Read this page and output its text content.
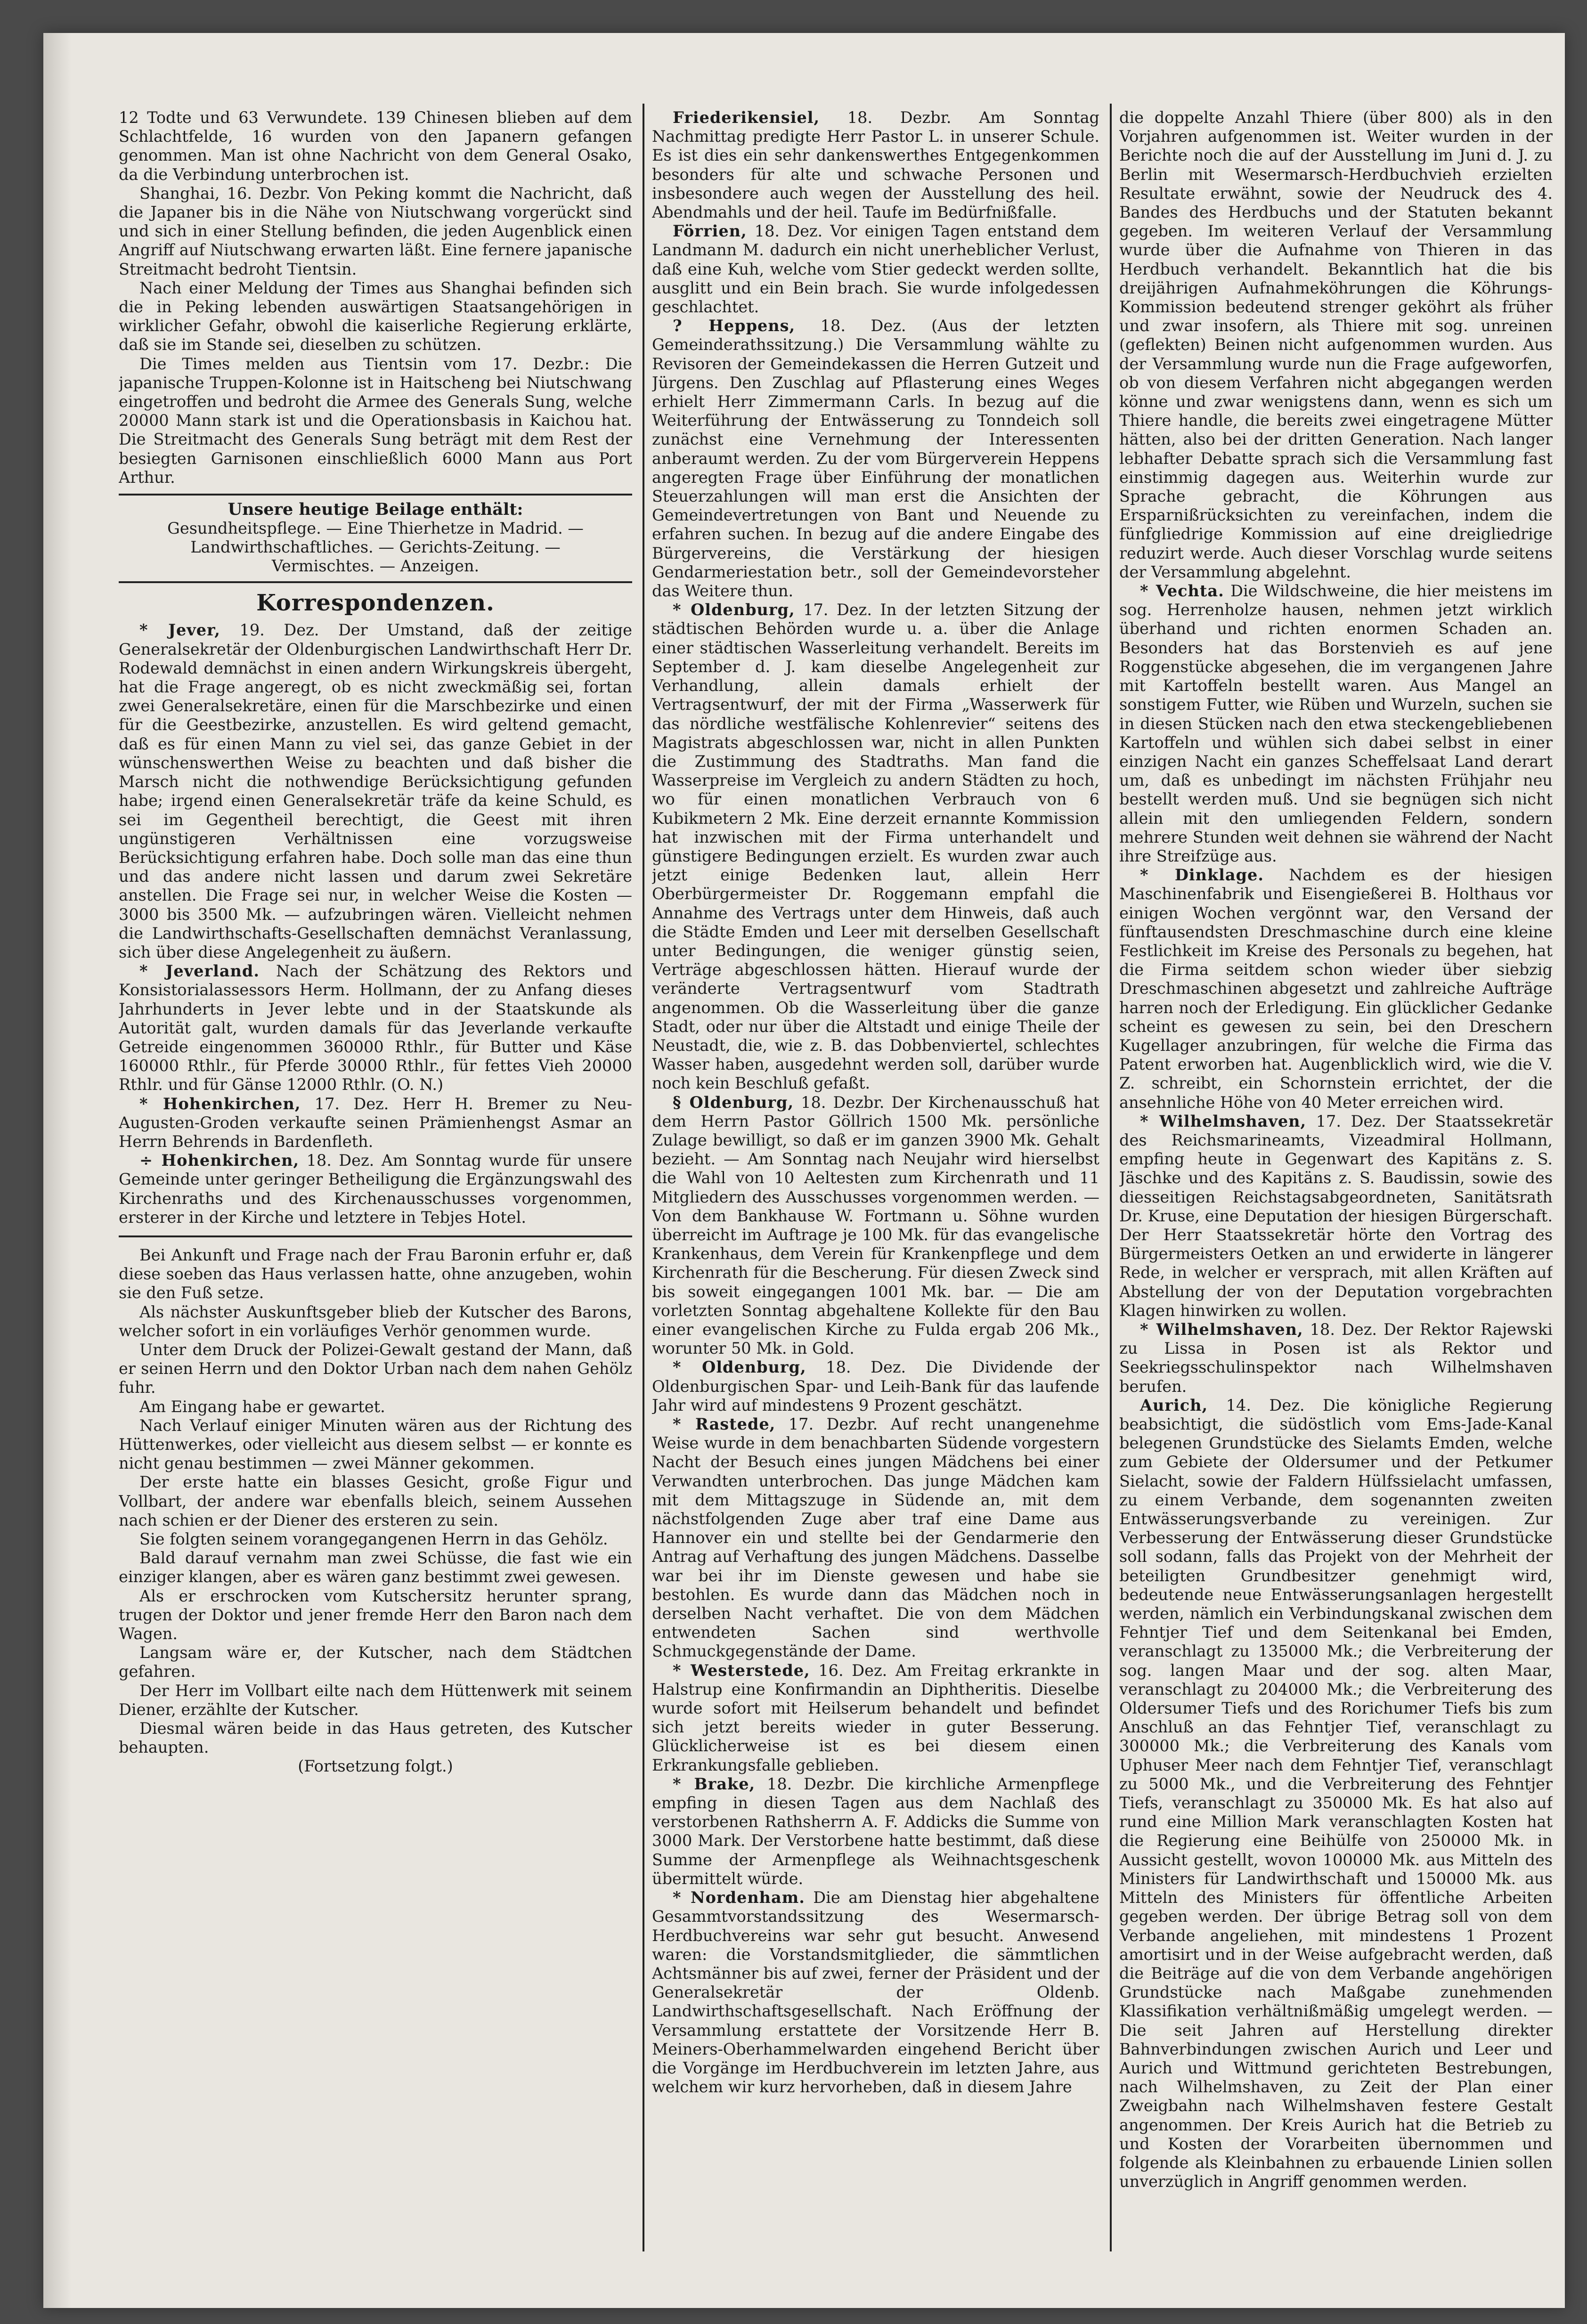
12 Todte und 63 Verwundete. 139 Chinesen blieben auf dem Schlachtfelde, 16 wurden von den Japanern gefangen genommen. Man ist ohne Nachricht von dem General Osako, da die Verbindung unterbrochen ist.

Shanghai, 16. Dezbr. Von Peking kommt die Nachricht, daß die Japaner bis in die Nähe von Niutschwang vorgerückt sind und sich in einer Stellung befinden, die jeden Augenblick einen Angriff auf Niutschwang erwarten läßt. Eine fernere japanische Streitmacht bedroht Tientsin.

Nach einer Meldung der Times aus Shanghai befinden sich die in Peking lebenden auswärtigen Staatsangehörigen in wirklicher Gefahr, obwohl die kaiserliche Regierung erklärte, daß sie im Stande sei, dieselben zu schützen.

Die Times melden aus Tientsin vom 17. Dezbr.: Die japanische Truppen-Kolonne ist in Haitscheng bei Niutschwang eingetroffen und bedroht die Armee des Generals Sung, welche 20000 Mann stark ist und die Operationsbasis in Kaichou hat. Die Streitmacht des Generals Sung beträgt mit dem Rest der besiegten Garnisonen einschließlich 6000 Mann aus Port Arthur.

Unsere heutige Beilage enthält:
Gesundheitspflege. — Eine Thierhetze in Madrid. —
Landwirthschaftliches. — Gerichts-Zeitung. —
Vermischtes. — Anzeigen.
Korrespondenzen.

* Jever, 19. Dez. Der Umstand, daß der zeitige Generalsekretär der Oldenburgischen Landwirthschaft Herr Dr. Rodewald demnächst in einen andern Wirkungskreis übergeht, hat die Frage angeregt, ob es nicht zweckmäßig sei, fortan zwei Generalsekretäre, einen für die Marschbezirke und einen für die Geestbezirke, anzustellen. Es wird geltend gemacht, daß es für einen Mann zu viel sei, das ganze Gebiet in der wünschenswerthen Weise zu beachten und daß bisher die Marsch nicht die nothwendige Berücksichtigung gefunden habe; irgend einen Generalsekretär träfe da keine Schuld, es sei im Gegentheil berechtigt, die Geest mit ihren ungünstigeren Verhältnissen eine vorzugsweise Berücksichtigung erfahren habe. Doch solle man das eine thun und das andere nicht lassen und darum zwei Sekretäre anstellen. Die Frage sei nur, in welcher Weise die Kosten — 3000 bis 3500 Mk. — aufzubringen wären. Vielleicht nehmen die Landwirthschafts-Gesellschaften demnächst Veranlassung, sich über diese Angelegenheit zu äußern.

* Jeverland. Nach der Schätzung des Rektors und Konsistorialassessors Herm. Hollmann, der zu Anfang dieses Jahrhunderts in Jever lebte und in der Staatskunde als Autorität galt, wurden damals für das Jeverlande verkaufte Getreide eingenommen 360000 Rthlr., für Butter und Käse 160000 Rthlr., für Pferde 30000 Rthlr., für fettes Vieh 20000 Rthlr. und für Gänse 12000 Rthlr. (O. N.)

* Hohenkirchen, 17. Dez. Herr H. Bremer zu Neu-Augusten-Groden verkaufte seinen Prämienhengst Asmar an Herrn Behrends in Bardenfleth.

÷ Hohenkirchen, 18. Dez. Am Sonntag wurde für unsere Gemeinde unter geringer Betheiligung die Ergänzungswahl des Kirchenraths und des Kirchenausschusses vorgenommen, ersterer in der Kirche und letztere in Tebjes Hotel.

Bei Ankunft und Frage nach der Frau Baronin erfuhr er, daß diese soeben das Haus verlassen hatte, ohne anzugeben, wohin sie den Fuß setze.

Als nächster Auskunftsgeber blieb der Kutscher des Barons, welcher sofort in ein vorläufiges Verhör genommen wurde.

Unter dem Druck der Polizei-Gewalt gestand der Mann, daß er seinen Herrn und den Doktor Urban nach dem nahen Gehölz fuhr.

Am Eingang habe er gewartet.

Nach Verlauf einiger Minuten wären aus der Richtung des Hüttenwerkes, oder vielleicht aus diesem selbst — er konnte es nicht genau bestimmen — zwei Männer gekommen.

Der erste hatte ein blasses Gesicht, große Figur und Vollbart, der andere war ebenfalls bleich, seinem Aussehen nach schien er der Diener des ersteren zu sein.

Sie folgten seinem vorangegangenen Herrn in das Gehölz.

Bald darauf vernahm man zwei Schüsse, die fast wie ein einziger klangen, aber es wären ganz bestimmt zwei gewesen.

Als er erschrocken vom Kutschersitz herunter sprang, trugen der Doktor und jener fremde Herr den Baron nach dem Wagen.

Langsam wäre er, der Kutscher, nach dem Städtchen gefahren.

Der Herr im Vollbart eilte nach dem Hüttenwerk mit seinem Diener, erzählte der Kutscher.

Diesmal wären beide in das Haus getreten, des Kutscher behaupten.

(Fortsetzung folgt.)

Friederikensiel, 18. Dezbr. Am Sonntag Nachmittag predigte Herr Pastor L. in unserer Schule. Es ist dies ein sehr dankenswerthes Entgegenkommen besonders für alte und schwache Personen und insbesondere auch wegen der Ausstellung des heil. Abendmahls und der heil. Taufe im Bedürfnißfalle.

Förrien, 18. Dez. Vor einigen Tagen entstand dem Landmann M. dadurch ein nicht unerheblicher Verlust, daß eine Kuh, welche vom Stier gedeckt werden sollte, ausglitt und ein Bein brach. Sie wurde infolgedessen geschlachtet.

? Heppens, 18. Dez. (Aus der letzten Gemeinderathssitzung.) Die Versammlung wählte zu Revisoren der Gemeindekassen die Herren Gutzeit und Jürgens. Den Zuschlag auf Pflasterung eines Weges erhielt Herr Zimmermann Carls. In bezug auf die Weiterführung der Entwässerung zu Tonndeich soll zunächst eine Vernehmung der Interessenten anberaumt werden. Zu der vom Bürgerverein Heppens angeregten Frage über Einführung der monatlichen Steuerzahlungen will man erst die Ansichten der Gemeindevertretungen von Bant und Neuende zu erfahren suchen. In bezug auf die andere Eingabe des Bürgervereins, die Verstärkung der hiesigen Gendarmeriestation betr., soll der Gemeindevorsteher das Weitere thun.

* Oldenburg, 17. Dez. In der letzten Sitzung der städtischen Behörden wurde u. a. über die Anlage einer städtischen Wasserleitung verhandelt. Bereits im September d. J. kam dieselbe Angelegenheit zur Verhandlung, allein damals erhielt der Vertragsentwurf, der mit der Firma „Wasserwerk für das nördliche westfälische Kohlenrevier“ seitens des Magistrats abgeschlossen war, nicht in allen Punkten die Zustimmung des Stadtraths. Man fand die Wasserpreise im Vergleich zu andern Städten zu hoch, wo für einen monatlichen Verbrauch von 6 Kubikmetern 2 Mk. Eine derzeit ernannte Kommission hat inzwischen mit der Firma unterhandelt und günstigere Bedingungen erzielt. Es wurden zwar auch jetzt einige Bedenken laut, allein Herr Oberbürgermeister Dr. Roggemann empfahl die Annahme des Vertrags unter dem Hinweis, daß auch die Städte Emden und Leer mit derselben Gesellschaft unter Bedingungen, die weniger günstig seien, Verträge abgeschlossen hätten. Hierauf wurde der veränderte Vertragsentwurf vom Stadtrath angenommen. Ob die Wasserleitung über die ganze Stadt, oder nur über die Altstadt und einige Theile der Neustadt, die, wie z. B. das Dobbenviertel, schlechtes Wasser haben, ausgedehnt werden soll, darüber wurde noch kein Beschluß gefaßt.

§ Oldenburg, 18. Dezbr. Der Kirchenausschuß hat dem Herrn Pastor Göllrich 1500 Mk. persönliche Zulage bewilligt, so daß er im ganzen 3900 Mk. Gehalt bezieht. — Am Sonntag nach Neujahr wird hierselbst die Wahl von 10 Aeltesten zum Kirchenrath und 11 Mitgliedern des Ausschusses vorgenommen werden. — Von dem Bankhause W. Fortmann u. Söhne wurden überreicht im Auftrage je 100 Mk. für das evangelische Krankenhaus, dem Verein für Krankenpflege und dem Kirchenrath für die Bescherung. Für diesen Zweck sind bis soweit eingegangen 1001 Mk. bar. — Die am vorletzten Sonntag abgehaltene Kollekte für den Bau einer evangelischen Kirche zu Fulda ergab 206 Mk., worunter 50 Mk. in Gold.

* Oldenburg, 18. Dez. Die Dividende der Oldenburgischen Spar- und Leih-Bank für das laufende Jahr wird auf mindestens 9 Prozent geschätzt.

* Rastede, 17. Dezbr. Auf recht unangenehme Weise wurde in dem benachbarten Südende vorgestern Nacht der Besuch eines jungen Mädchens bei einer Verwandten unterbrochen. Das junge Mädchen kam mit dem Mittagszuge in Südende an, mit dem nächstfolgenden Zuge aber traf eine Dame aus Hannover ein und stellte bei der Gendarmerie den Antrag auf Verhaftung des jungen Mädchens. Dasselbe war bei ihr im Dienste gewesen und habe sie bestohlen. Es wurde dann das Mädchen noch in derselben Nacht verhaftet. Die von dem Mädchen entwendeten Sachen sind werthvolle Schmuckgegenstände der Dame.

* Westerstede, 16. Dez. Am Freitag erkrankte in Halstrup eine Konfirmandin an Diphtheritis. Dieselbe wurde sofort mit Heilserum behandelt und befindet sich jetzt bereits wieder in guter Besserung. Glücklicherweise ist es bei diesem einen Erkrankungsfalle geblieben.

* Brake, 18. Dezbr. Die kirchliche Armenpflege empfing in diesen Tagen aus dem Nachlaß des verstorbenen Rathsherrn A. F. Addicks die Summe von 3000 Mark. Der Verstorbene hatte bestimmt, daß diese Summe der Armenpflege als Weihnachtsgeschenk übermittelt würde.

* Nordenham. Die am Dienstag hier abgehaltene Gesammtvorstandssitzung des Wesermarsch-Herdbuchvereins war sehr gut besucht. Anwesend waren: die Vorstandsmitglieder, die sämmtlichen Achtsmänner bis auf zwei, ferner der Präsident und der Generalsekretär der Oldenb. Landwirthschaftsgesellschaft. Nach Eröffnung der Versammlung erstattete der Vorsitzende Herr B. Meiners-Oberhammelwarden eingehend Bericht über die Vorgänge im Herdbuchverein im letzten Jahre, aus welchem wir kurz hervorheben, daß in diesem Jahre

die doppelte Anzahl Thiere (über 800) als in den Vorjahren aufgenommen ist. Weiter wurden in der Berichte noch die auf der Ausstellung im Juni d. J. zu Berlin mit Wesermarsch-Herdbuchvieh erzielten Resultate erwähnt, sowie der Neudruck des 4. Bandes des Herdbuchs und der Statuten bekannt gegeben. Im weiteren Verlauf der Versammlung wurde über die Aufnahme von Thieren in das Herdbuch verhandelt. Bekanntlich hat die bis dreijährigen Aufnahmeköhrungen die Köhrungs-Kommission bedeutend strenger geköhrt als früher und zwar insofern, als Thiere mit sog. unreinen (geflekten) Beinen nicht aufgenommen wurden. Aus der Versammlung wurde nun die Frage aufgeworfen, ob von diesem Verfahren nicht abgegangen werden könne und zwar wenigstens dann, wenn es sich um Thiere handle, die bereits zwei eingetragene Mütter hätten, also bei der dritten Generation. Nach langer lebhafter Debatte sprach sich die Versammlung fast einstimmig dagegen aus. Weiterhin wurde zur Sprache gebracht, die Köhrungen aus Ersparnißrücksichten zu vereinfachen, indem die fünfgliedrige Kommission auf eine dreigliedrige reduzirt werde. Auch dieser Vorschlag wurde seitens der Versammlung abgelehnt.

* Vechta. Die Wildschweine, die hier meistens im sog. Herrenholze hausen, nehmen jetzt wirklich überhand und richten enormen Schaden an. Besonders hat das Borstenvieh es auf jene Roggenstücke abgesehen, die im vergangenen Jahre mit Kartoffeln bestellt waren. Aus Mangel an sonstigem Futter, wie Rüben und Wurzeln, suchen sie in diesen Stücken nach den etwa steckengebliebenen Kartoffeln und wühlen sich dabei selbst in einer einzigen Nacht ein ganzes Scheffelsaat Land derart um, daß es unbedingt im nächsten Frühjahr neu bestellt werden muß. Und sie begnügen sich nicht allein mit den umliegenden Feldern, sondern mehrere Stunden weit dehnen sie während der Nacht ihre Streifzüge aus.

* Dinklage. Nachdem es der hiesigen Maschinenfabrik und Eisengießerei B. Holthaus vor einigen Wochen vergönnt war, den Versand der fünftausendsten Dreschmaschine durch eine kleine Festlichkeit im Kreise des Personals zu begehen, hat die Firma seitdem schon wieder über siebzig Dreschmaschinen abgesetzt und zahlreiche Aufträge harren noch der Erledigung. Ein glücklicher Gedanke scheint es gewesen zu sein, bei den Dreschern Kugellager anzubringen, für welche die Firma das Patent erworben hat. Augenblicklich wird, wie die V. Z. schreibt, ein Schornstein errichtet, der die ansehnliche Höhe von 40 Meter erreichen wird.

* Wilhelmshaven, 17. Dez. Der Staatssekretär des Reichsmarineamts, Vizeadmiral Hollmann, empfing heute in Gegenwart des Kapitäns z. S. Jäschke und des Kapitäns z. S. Baudissin, sowie des diesseitigen Reichstagsabgeordneten, Sanitätsrath Dr. Kruse, eine Deputation der hiesigen Bürgerschaft. Der Herr Staatssekretär hörte den Vortrag des Bürgermeisters Oetken an und erwiderte in längerer Rede, in welcher er versprach, mit allen Kräften auf Abstellung der von der Deputation vorgebrachten Klagen hinwirken zu wollen.

* Wilhelmshaven, 18. Dez. Der Rektor Rajewski zu Lissa in Posen ist als Rektor und Seekriegsschulinspektor nach Wilhelmshaven berufen.

Aurich, 14. Dez. Die königliche Regierung beabsichtigt, die südöstlich vom Ems-Jade-Kanal belegenen Grundstücke des Sielamts Emden, welche zum Gebiete der Oldersumer und der Petkumer Sielacht, sowie der Faldern Hülfssielacht umfassen, zu einem Verbande, dem sogenannten zweiten Entwässerungsverbande zu vereinigen. Zur Verbesserung der Entwässerung dieser Grundstücke soll sodann, falls das Projekt von der Mehrheit der beteiligten Grundbesitzer genehmigt wird, bedeutende neue Entwässerungsanlagen hergestellt werden, nämlich ein Verbindungskanal zwischen dem Fehntjer Tief und dem Seitenkanal bei Emden, veranschlagt zu 135000 Mk.; die Verbreiterung der sog. langen Maar und der sog. alten Maar, veranschlagt zu 204000 Mk.; die Verbreiterung des Oldersumer Tiefs und des Rorichumer Tiefs bis zum Anschluß an das Fehntjer Tief, veranschlagt zu 300000 Mk.; die Verbreiterung des Kanals vom Uphuser Meer nach dem Fehntjer Tief, veranschlagt zu 5000 Mk., und die Verbreiterung des Fehntjer Tiefs, veranschlagt zu 350000 Mk. Es hat also auf rund eine Million Mark veranschlagten Kosten hat die Regierung eine Beihülfe von 250000 Mk. in Aussicht gestellt, wovon 100000 Mk. aus Mitteln des Ministers für Landwirthschaft und 150000 Mk. aus Mitteln des Ministers für öffentliche Arbeiten gegeben werden. Der übrige Betrag soll von dem Verbande angeliehen, mit mindestens 1 Prozent amortisirt und in der Weise aufgebracht werden, daß die Beiträge auf die von dem Verbande angehörigen Grundstücke nach Maßgabe zunehmenden Klassifikation verhältnißmäßig umgelegt werden. — Die seit Jahren auf Herstellung direkter Bahnverbindungen zwischen Aurich und Leer und Aurich und Wittmund gerichteten Bestrebungen, nach Wilhelmshaven, zu Zeit der Plan einer Zweigbahn nach Wilhelmshaven festere Gestalt angenommen. Der Kreis Aurich hat die Betrieb zu und Kosten der Vorarbeiten übernommen und folgende als Kleinbahnen zu erbauende Linien sollen unverzüglich in Angriff genommen werden.
